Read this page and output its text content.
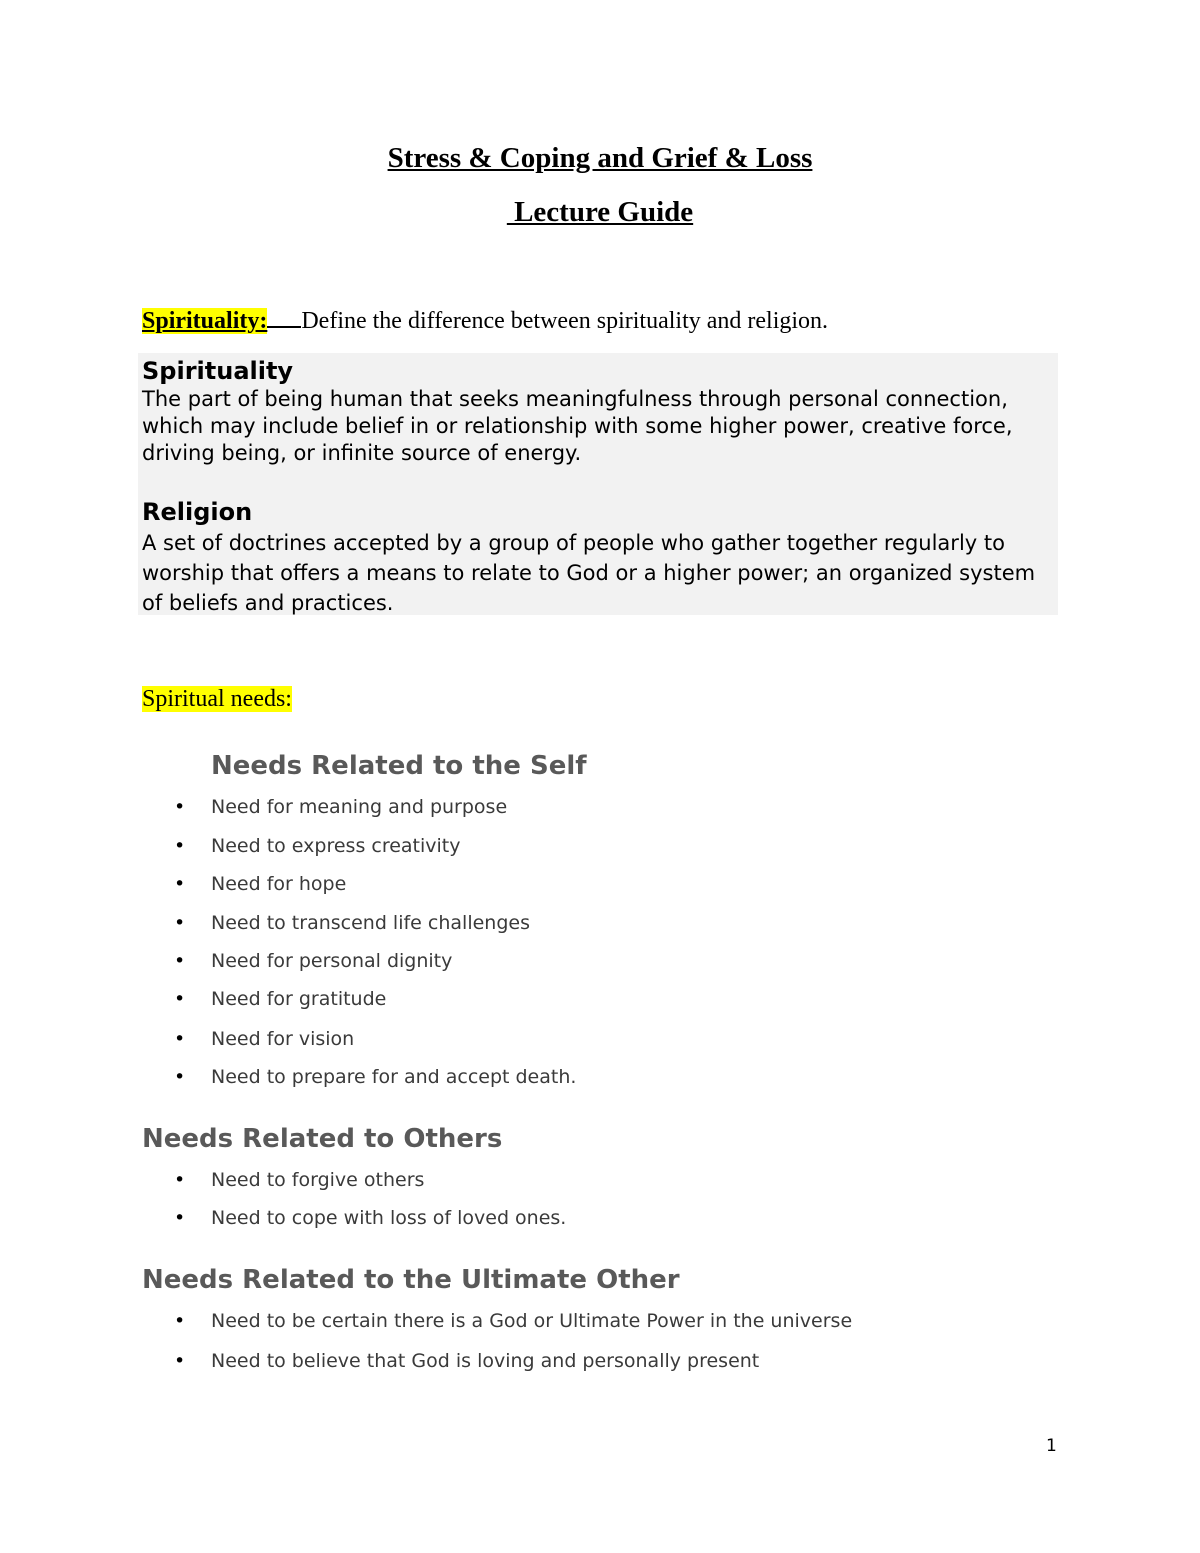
Stress & Coping and Grief & Loss
Lecture Guide
Spirituality: Define the difference between spirituality and religion.
Spirituality

The part of being human that seeks meaningfulness through personal connection, which may include belief in or relationship with some higher power, creative force, driving being, or infinite source of energy.

Religion

A set of doctrines accepted by a group of people who gather together regularly to worship that offers a means to relate to God or a higher power; an organized system of beliefs and practices.

Spiritual needs:
Needs Related to the Self
• Need for meaning and purpose
• Need to express creativity
• Need for hope
• Need to transcend life challenges
• Need for personal dignity
• Need for gratitude
• Need for vision
• Need to prepare for and accept death.
Needs Related to Others
• Need to forgive others
• Need to cope with loss of loved ones.
Needs Related to the Ultimate Other
• Need to be certain there is a God or Ultimate Power in the universe
• Need to believe that God is loving and personally present
1
